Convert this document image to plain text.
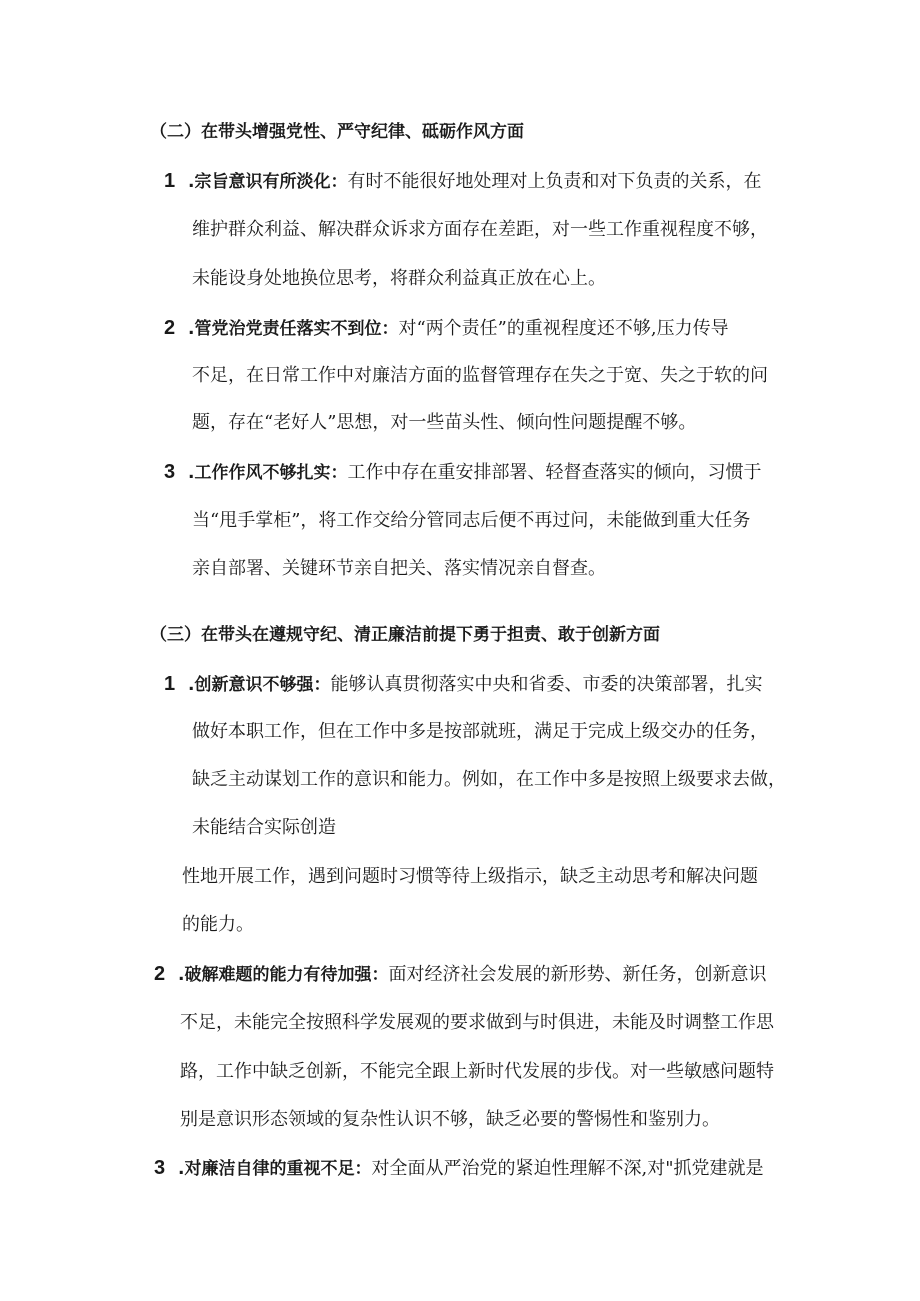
（二）在带头增强党性、严守纪律、砥砺作风方面
1 .宗旨意识有所淡化：有时不能很好地处理对上负责和对下负责的关系，在
维护群众利益、解决群众诉求方面存在差距，对一些工作重视程度不够，
未能设身处地换位思考，将群众利益真正放在心上。
2 .管党治党责任落实不到位：对“两个责任”的重视程度还不够,压力传导
不足，在日常工作中对廉洁方面的监督管理存在失之于宽、失之于软的问
题，存在“老好人”思想，对一些苗头性、倾向性问题提醒不够。
3 .工作作风不够扎实：工作中存在重安排部署、轻督查落实的倾向，习惯于
当“甩手掌柜”，将工作交给分管同志后便不再过问，未能做到重大任务
亲自部署、关键环节亲自把关、落实情况亲自督查。
（三）在带头在遵规守纪、清正廉洁前提下勇于担责、敢于创新方面
1 .创新意识不够强：能够认真贯彻落实中央和省委、市委的决策部署，扎实
做好本职工作，但在工作中多是按部就班，满足于完成上级交办的任务，
缺乏主动谋划工作的意识和能力。例如，在工作中多是按照上级要求去做，
未能结合实际创造
性地开展工作，遇到问题时习惯等待上级指示，缺乏主动思考和解决问题
的能力。
2 .破解难题的能力有待加强：面对经济社会发展的新形势、新任务，创新意识
不足，未能完全按照科学发展观的要求做到与时俱进，未能及时调整工作思
路，工作中缺乏创新，不能完全跟上新时代发展的步伐。对一些敏感问题特
别是意识形态领域的复杂性认识不够，缺乏必要的警惕性和鉴别力。
3 .对廉洁自律的重视不足：对全面从严治党的紧迫性理解不深,对"抓党建就是
